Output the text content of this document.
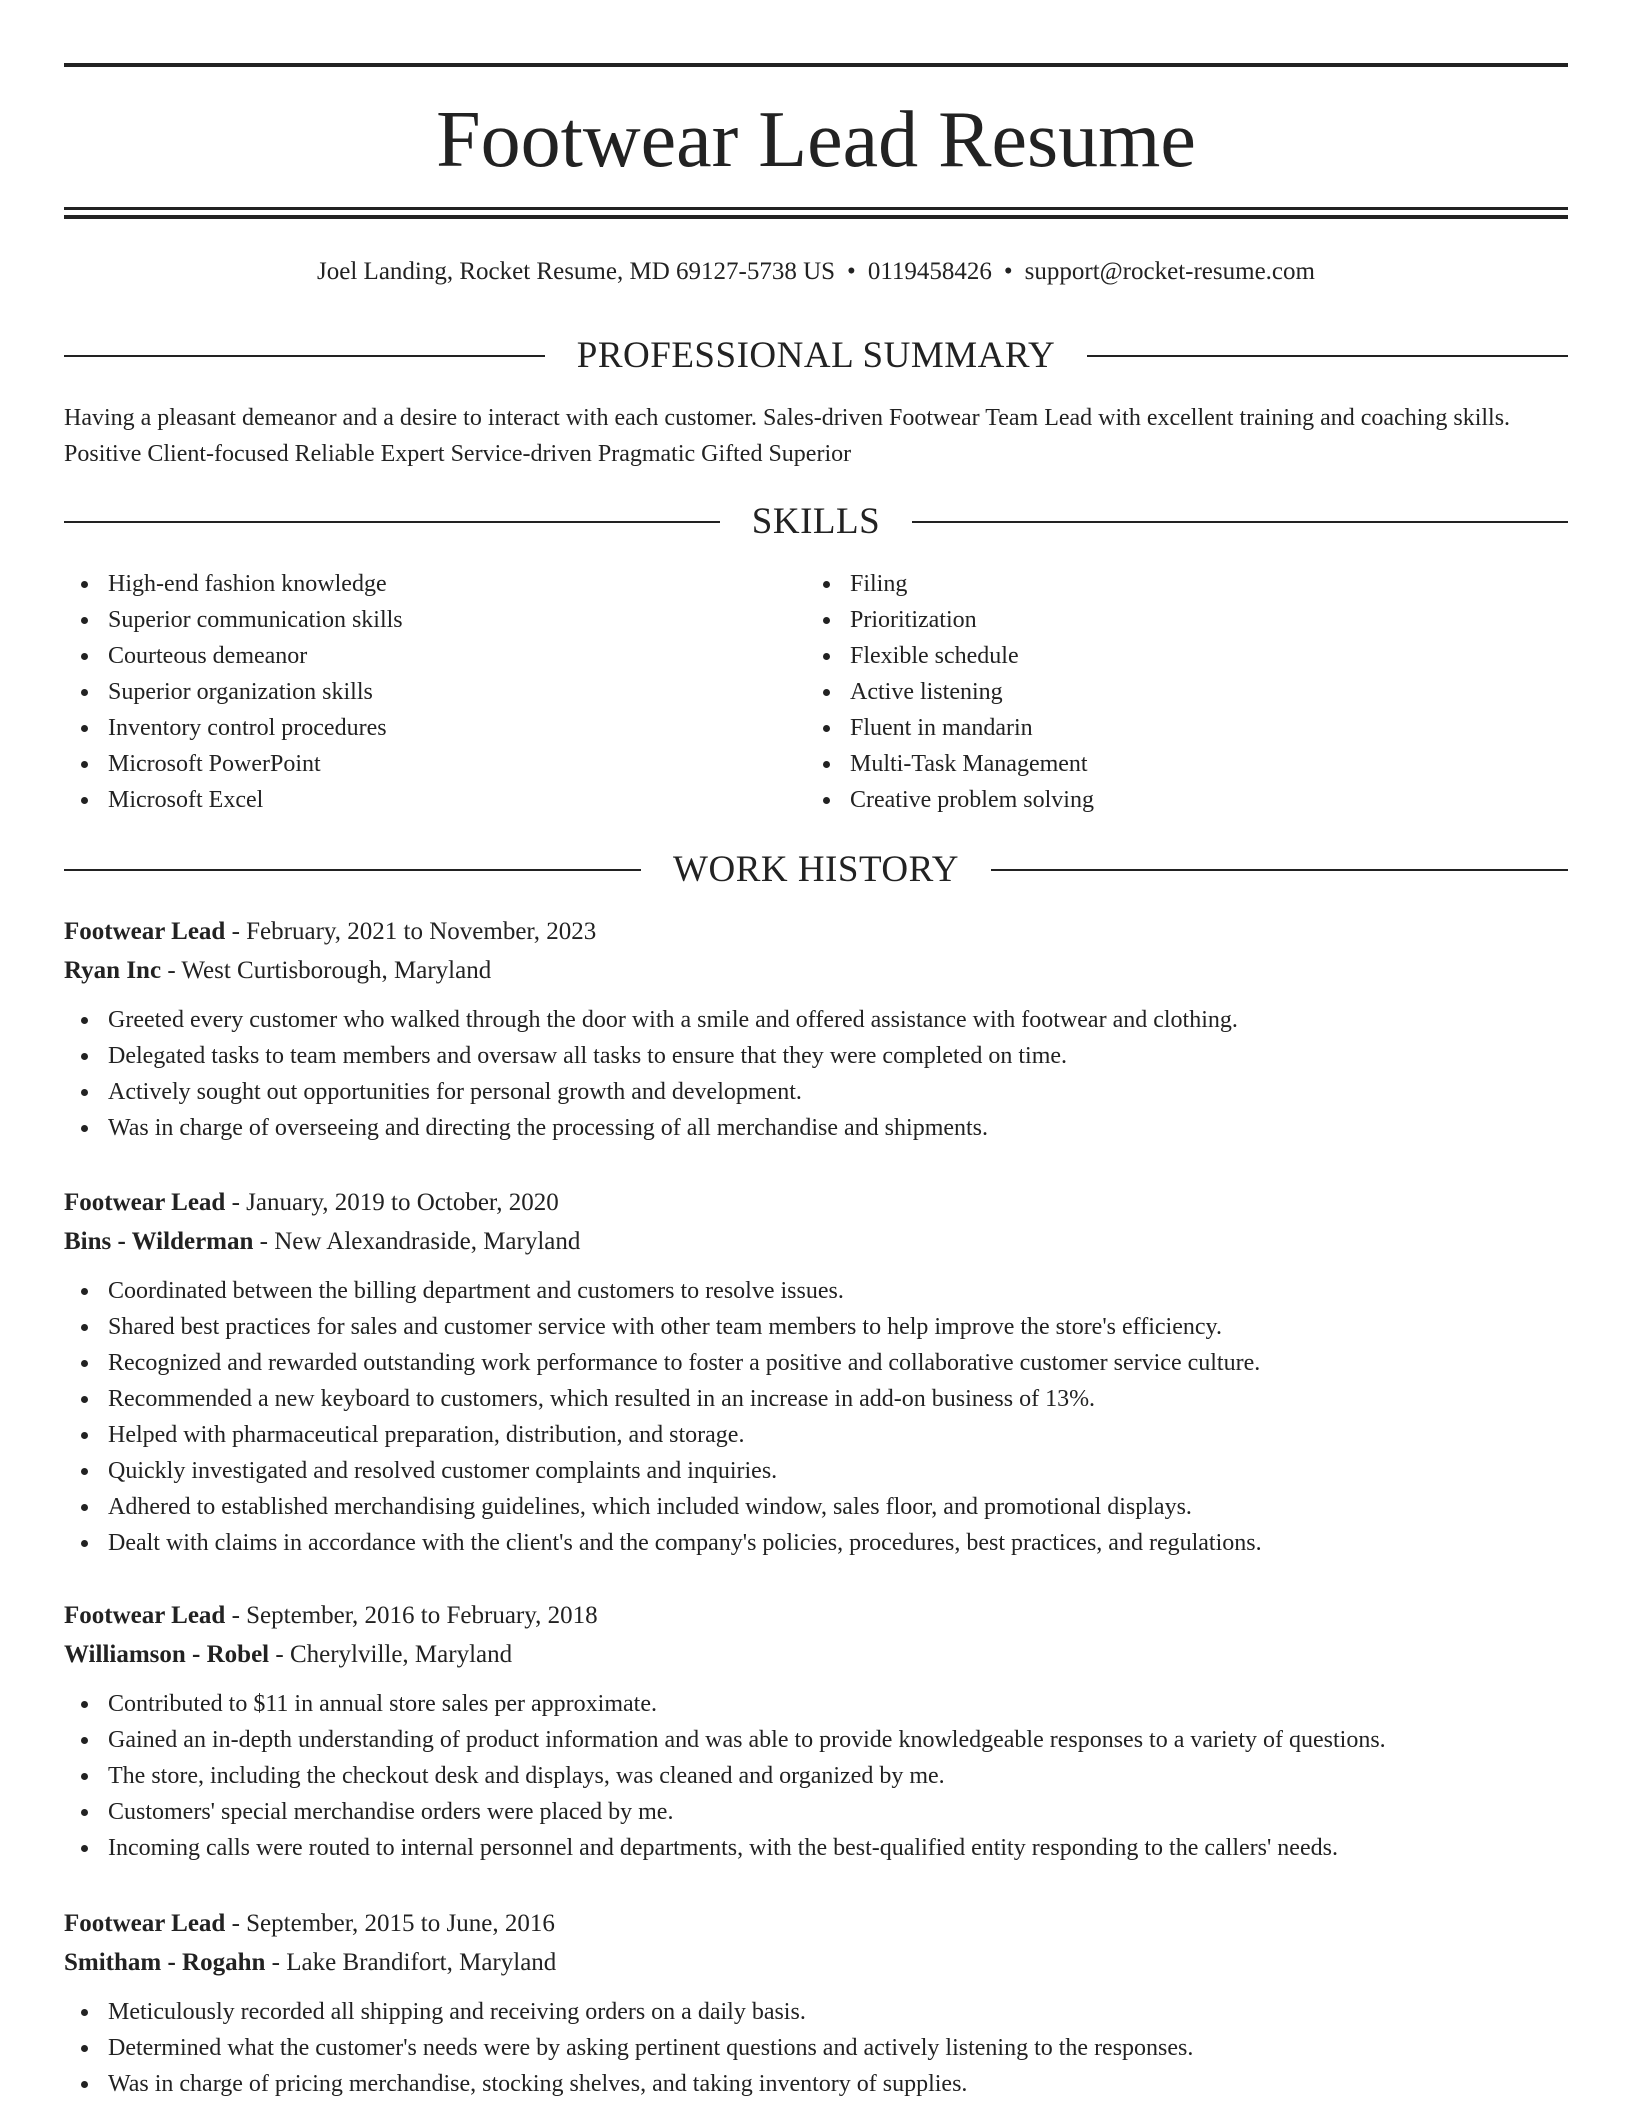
Footwear Lead Resume
Joel Landing, Rocket Resume, MD 69127-5738 US • 0119458426 • support@rocket-resume.com
PROFESSIONAL SUMMARY

Having a pleasant demeanor and a desire to interact with each customer. Sales-driven Footwear Team Lead with excellent training and coaching skills. Positive Client-focused Reliable Expert Service-driven Pragmatic Gifted Superior

SKILLS
High-end fashion knowledge
Superior communication skills
Courteous demeanor
Superior organization skills
Inventory control procedures
Microsoft PowerPoint
Microsoft Excel
Filing
Prioritization
Flexible schedule
Active listening
Fluent in mandarin
Multi-Task Management
Creative problem solving
WORK HISTORY
Footwear Lead - February, 2021 to November, 2023
Ryan Inc - West Curtisborough, Maryland
Greeted every customer who walked through the door with a smile and offered assistance with footwear and clothing.
Delegated tasks to team members and oversaw all tasks to ensure that they were completed on time.
Actively sought out opportunities for personal growth and development.
Was in charge of overseeing and directing the processing of all merchandise and shipments.
Footwear Lead - January, 2019 to October, 2020
Bins - Wilderman - New Alexandraside, Maryland
Coordinated between the billing department and customers to resolve issues.
Shared best practices for sales and customer service with other team members to help improve the store's efficiency.
Recognized and rewarded outstanding work performance to foster a positive and collaborative customer service culture.
Recommended a new keyboard to customers, which resulted in an increase in add-on business of 13%.
Helped with pharmaceutical preparation, distribution, and storage.
Quickly investigated and resolved customer complaints and inquiries.
Adhered to established merchandising guidelines, which included window, sales floor, and promotional displays.
Dealt with claims in accordance with the client's and the company's policies, procedures, best practices, and regulations.
Footwear Lead - September, 2016 to February, 2018
Williamson - Robel - Cherylville, Maryland
Contributed to $11 in annual store sales per approximate.
Gained an in-depth understanding of product information and was able to provide knowledgeable responses to a variety of questions.
The store, including the checkout desk and displays, was cleaned and organized by me.
Customers' special merchandise orders were placed by me.
Incoming calls were routed to internal personnel and departments, with the best-qualified entity responding to the callers' needs.
Footwear Lead - September, 2015 to June, 2016
Smitham - Rogahn - Lake Brandifort, Maryland
Meticulously recorded all shipping and receiving orders on a daily basis.
Determined what the customer's needs were by asking pertinent questions and actively listening to the responses.
Was in charge of pricing merchandise, stocking shelves, and taking inventory of supplies.
